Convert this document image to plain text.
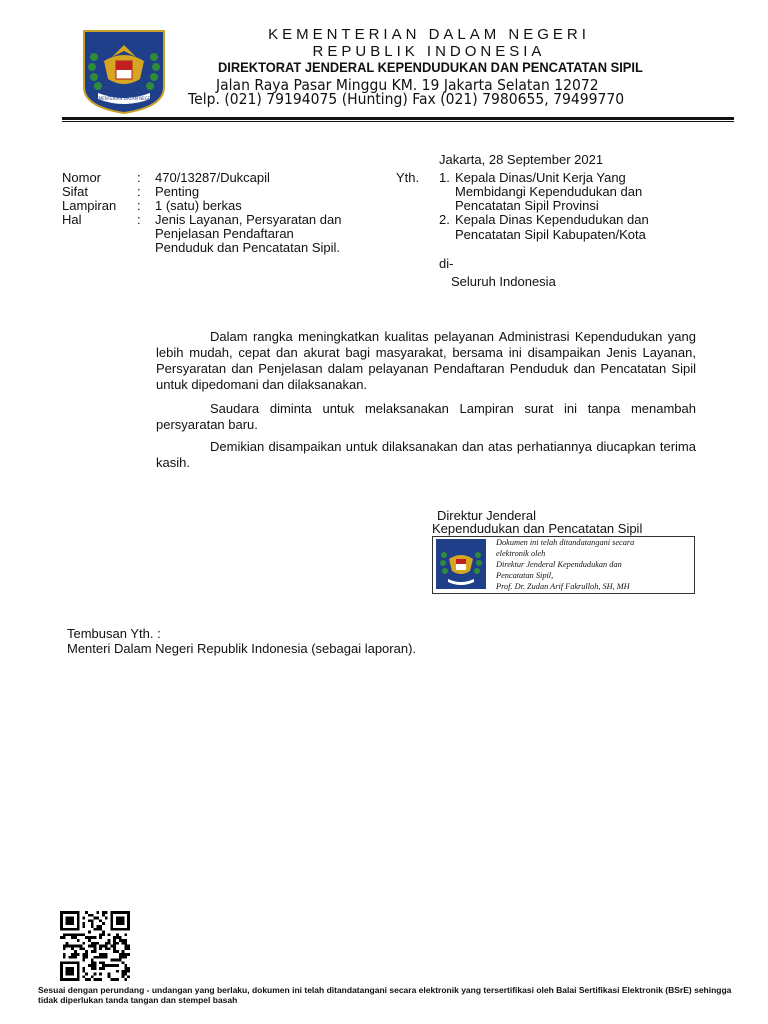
KEMENTERIAN DALAM NEGERI
KEMENTERIAN DALAM NEGERI
REPUBLIK INDONESIA
DIREKTORAT JENDERAL KEPENDUDUKAN DAN PENCATATAN SIPIL
Jalan Raya Pasar Minggu KM. 19 Jakarta Selatan 12072
Telp. (021) 79194075 (Hunting) Fax (021) 7980655, 79499770
Jakarta, 28 September 2021
Nomor	: 470/13287/Dukcapil
Sifat	: Penting
Lampiran : 1 (satu) berkas
Hal	: Jenis Layanan, Persyaratan dan
Penjelasan Pendaftaran
Penduduk dan Pencatatan Sipil.
Yth. 1. Kepala Dinas/Unit Kerja Yang
Membidangi Kependudukan dan
Pencatatan Sipil Provinsi
2. Kepala Dinas Kependudukan dan
Pencatatan Sipil Kabupaten/Kota
di-
Seluruh Indonesia
Dalam rangka meningkatkan kualitas pelayanan Administrasi Kependudukan yang lebih mudah, cepat dan akurat bagi masyarakat, bersama ini disampaikan Jenis Layanan, Persyaratan dan Penjelasan dalam pelayanan Pendaftaran Penduduk dan Pencatatan Sipil untuk dipedomani dan dilaksanakan.
Saudara diminta untuk melaksanakan Lampiran surat ini tanpa menambah persyaratan baru.
Demikian disampaikan untuk dilaksanakan dan atas perhatiannya diucapkan terima kasih.
Direktur Jenderal
Kependudukan dan Pencatatan Sipil
Dokumen ini telah ditandatangani secara
elektronik oleh
Direktur Jenderal Kependudukan dan
Pencatatan Sipil,
Prof. Dr. Zudan Arif Fakrulloh, SH, MH
Tembusan Yth. :
Menteri Dalam Negeri Republik Indonesia (sebagai laporan).
Sesuai dengan perundang - undangan yang berlaku, dokumen ini telah ditandatangani secara elektronik yang tersertifikasi oleh Balai Sertifikasi Elektronik (BSrE) sehingga tidak diperlukan tanda tangan dan stempel basah
